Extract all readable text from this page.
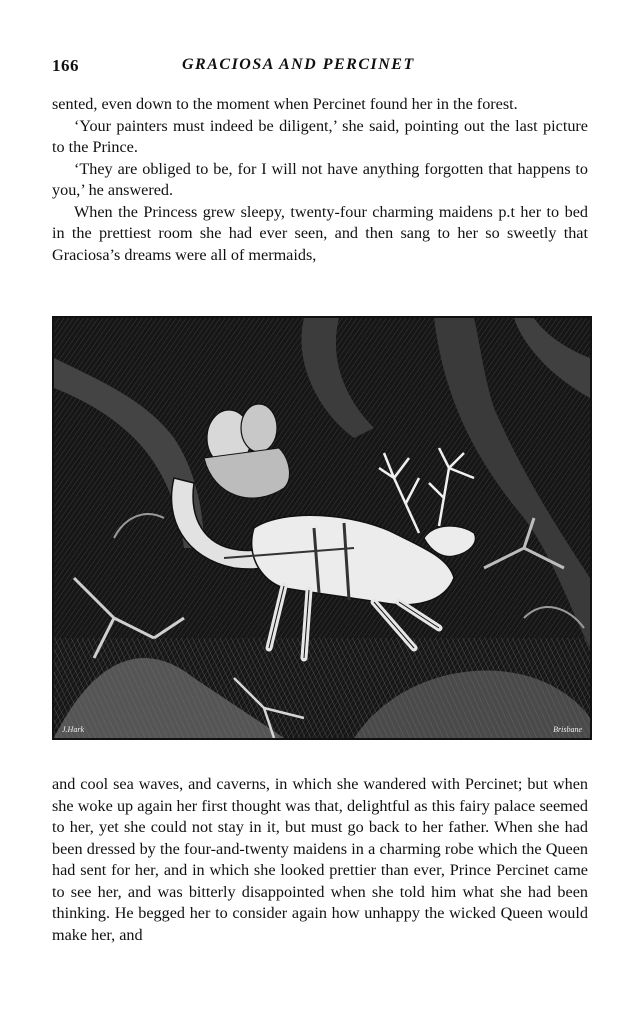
166	GRACIOSA AND PERCINET

sented, even down to the moment when Percinet found her in the forest.

‘Your painters must indeed be diligent,’ she said, pointing out the last picture to the Prince.

‘They are obliged to be, for I will not have anything forgotten that happens to you,’ he answered.

When the Princess grew sleepy, twenty-four charming maidens p.t her to bed in the prettiest room she had ever seen, and then sang to her so sweetly that Graciosa’s dreams were all of mermaids,

J.Hark	Brisbane

and cool sea waves, and caverns, in which she wandered with Percinet; but when she woke up again her first thought was that, delightful as this fairy palace seemed to her, yet she could not stay in it, but must go back to her father. When she had been dressed by the four-and-twenty maidens in a charming robe which the Queen had sent for her, and in which she looked prettier than ever, Prince Percinet came to see her, and was bitterly disappointed when she told him what she had been thinking. He begged her to consider again how unhappy the wicked Queen would make her, and
